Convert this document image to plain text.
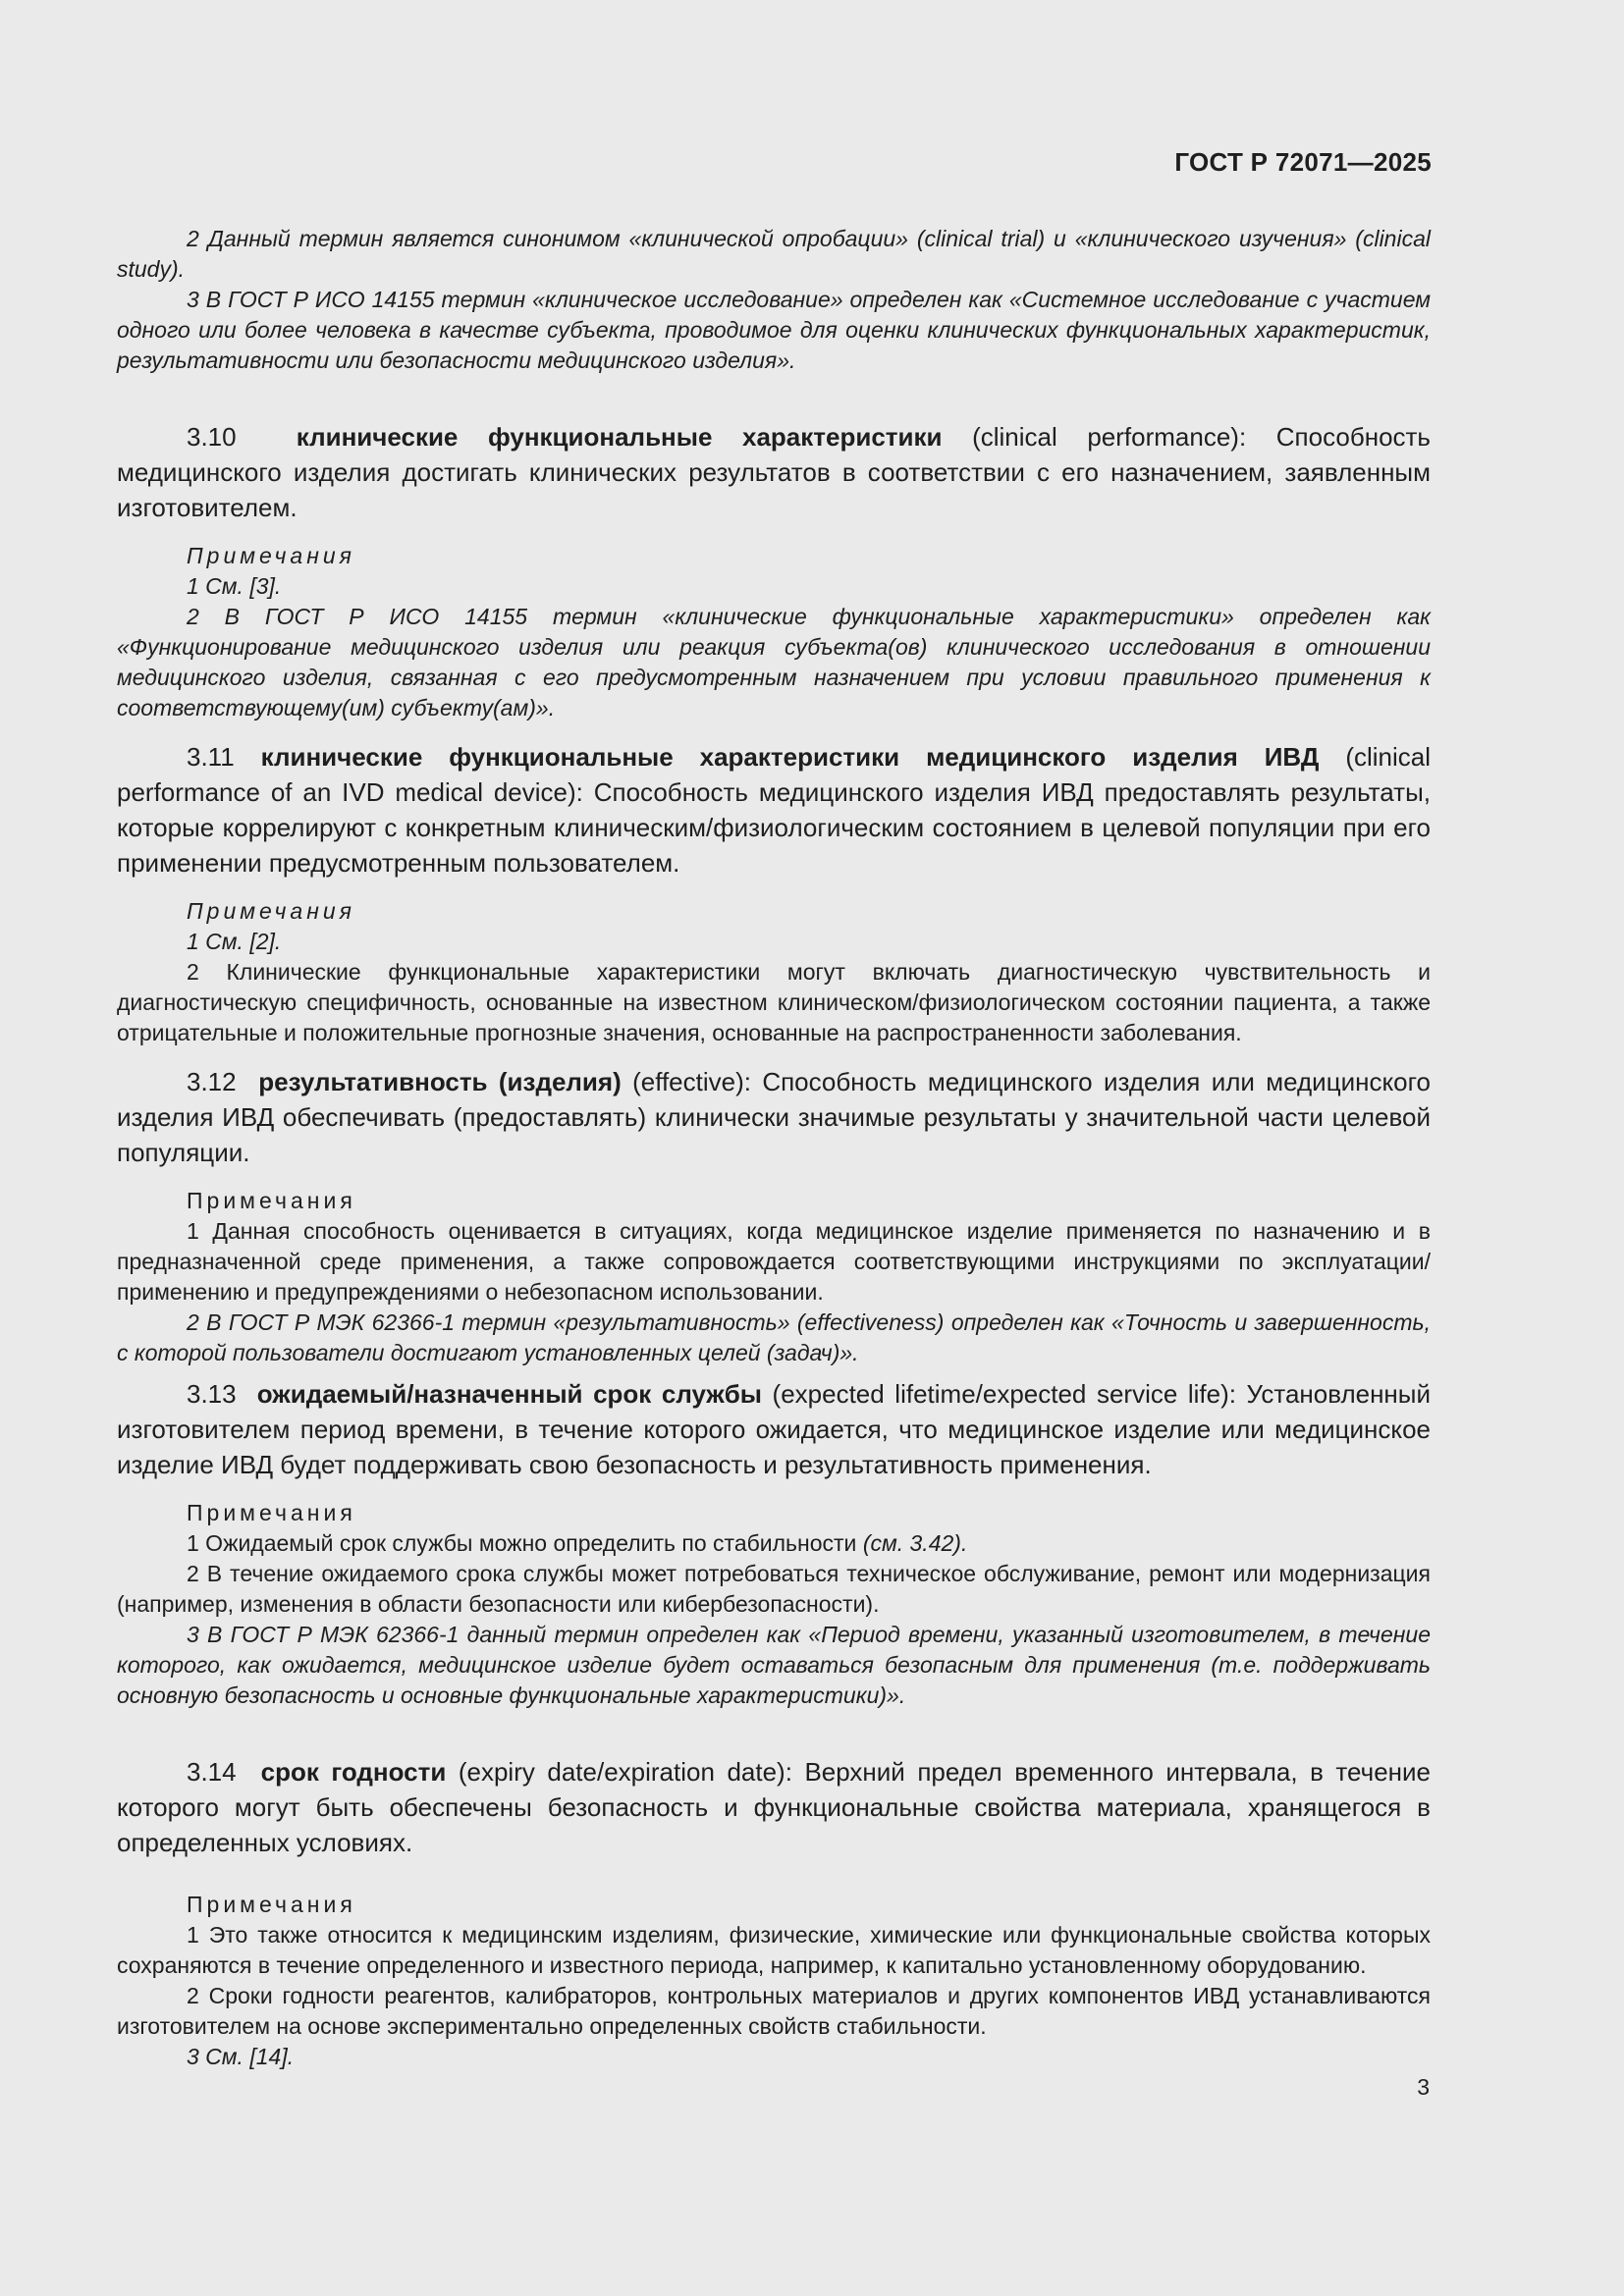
ГОСТ Р 72071—2025

2 Данный термин является синонимом «клинической опробации» (clinical trial) и «клинического изучения» (clinical study).

3 В ГОСТ Р ИСО 14155 термин «клиническое исследование» определен как «Системное исследование с участием одного или более человека в качестве субъекта, проводимое для оценки клинических функциональных характеристик, результативности или безопасности медицинского изделия».

3.10 клинические функциональные характеристики (clinical performance): Способность медицинского изделия достигать клинических результатов в соответствии с его назначением, заявленным изготовителем.

Примечания

1 См. [3].

2 В ГОСТ Р ИСО 14155 термин «клинические функциональные характеристики» определен как «Функционирование медицинского изделия или реакция субъекта(ов) клинического исследования в отношении медицинского изделия, связанная с его предусмотренным назначением при условии правильного применения к соответствующему(им) субъекту(ам)».

3.11 клинические функциональные характеристики медицинского изделия ИВД (clinical performance of an IVD medical device): Способность медицинского изделия ИВД предоставлять результаты, которые коррелируют с конкретным клиническим/физиологическим состоянием в целевой популяции при его применении предусмотренным пользователем.

Примечания

1 См. [2].

2 Клинические функциональные характеристики могут включать диагностическую чувствительность и диагностическую специфичность, основанные на известном клиническом/физиологическом состоянии пациента, а также отрицательные и положительные прогнозные значения, основанные на распространенности заболевания.

3.12 результативность (изделия) (effective): Способность медицинского изделия или медицинского изделия ИВД обеспечивать (предоставлять) клинически значимые результаты у значительной части целевой популяции.

Примечания

1 Данная способность оценивается в ситуациях, когда медицинское изделие применяется по назначению и в предназначенной среде применения, а также сопровождается соответствующими инструкциями по эксплуатации/применению и предупреждениями о небезопасном использовании.

2 В ГОСТ Р МЭК 62366-1 термин «результативность» (effectiveness) определен как «Точность и завершенность, с которой пользователи достигают установленных целей (задач)».

3.13 ожидаемый/назначенный срок службы (expected lifetime/expected service life): Установленный изготовителем период времени, в течение которого ожидается, что медицинское изделие или медицинское изделие ИВД будет поддерживать свою безопасность и результативность применения.

Примечания

1 Ожидаемый срок службы можно определить по стабильности (см. 3.42).

2 В течение ожидаемого срока службы может потребоваться техническое обслуживание, ремонт или модернизация (например, изменения в области безопасности или кибербезопасности).

3 В ГОСТ Р МЭК 62366-1 данный термин определен как «Период времени, указанный изготовителем, в течение которого, как ожидается, медицинское изделие будет оставаться безопасным для применения (т.е. поддерживать основную безопасность и основные функциональные характеристики)».

3.14 срок годности (expiry date/expiration date): Верхний предел временного интервала, в течение которого могут быть обеспечены безопасность и функциональные свойства материала, хранящегося в определенных условиях.

Примечания

1 Это также относится к медицинским изделиям, физические, химические или функциональные свойства которых сохраняются в течение определенного и известного периода, например, к капитально установленному оборудованию.

2 Сроки годности реагентов, калибраторов, контрольных материалов и других компонентов ИВД устанавливаются изготовителем на основе экспериментально определенных свойств стабильности.

3 См. [14].

3
